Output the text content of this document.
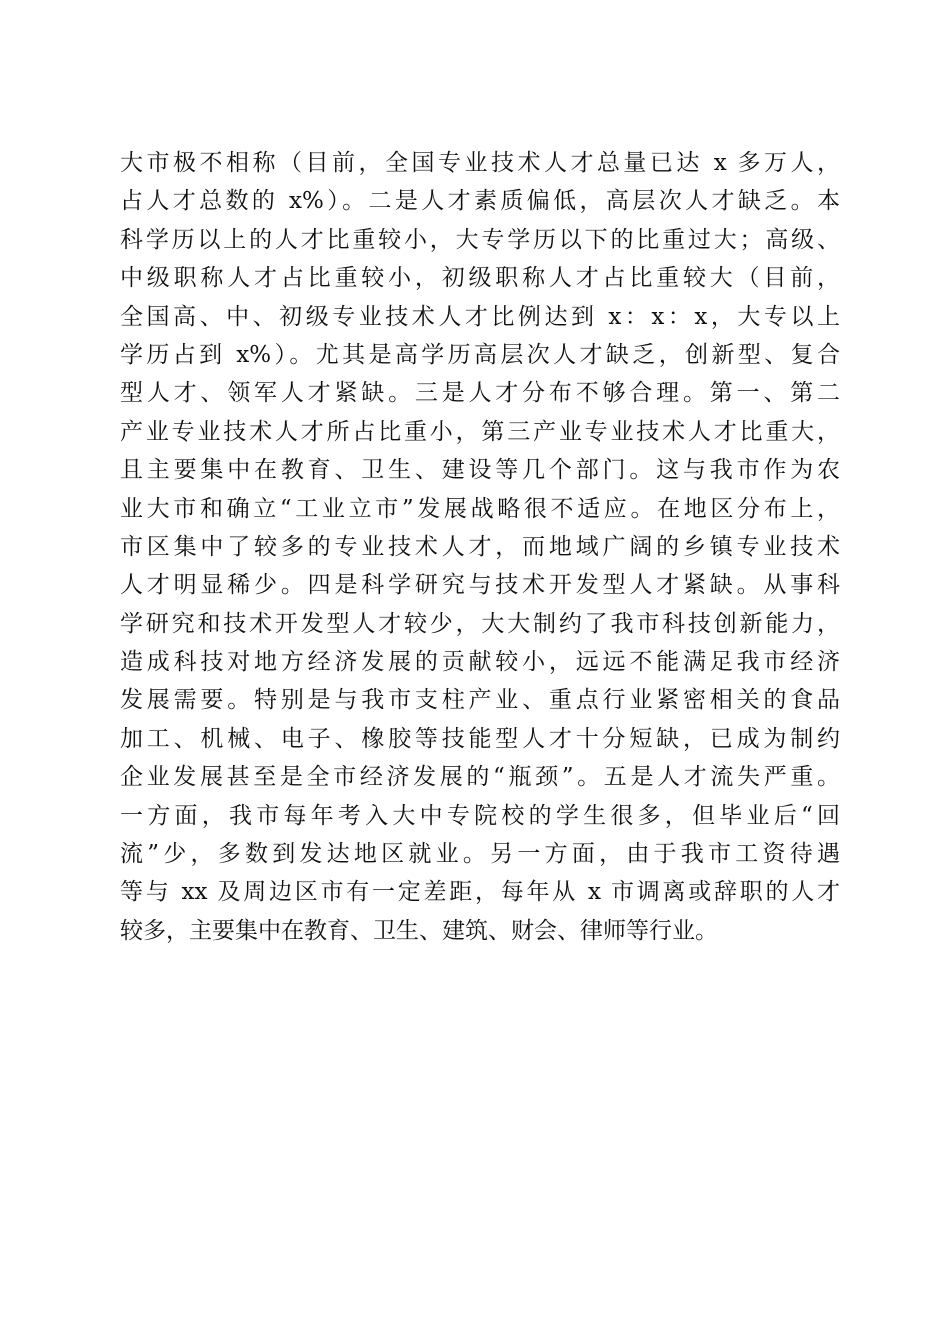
大市极不相称（目前，全国专业技术人才总量已达 x 多万人，
占人才总数的 x%）。二是人才素质偏低，高层次人才缺乏。本
科学历以上的人才比重较小，大专学历以下的比重过大；高级、
中级职称人才占比重较小，初级职称人才占比重较大（目前，
全国高、中、初级专业技术人才比例达到 x：x：x，大专以上
学历占到 x%）。尤其是高学历高层次人才缺乏，创新型、复合
型人才、领军人才紧缺。三是人才分布不够合理。第一、第二
产业专业技术人才所占比重小，第三产业专业技术人才比重大，
且主要集中在教育、卫生、建设等几个部门。这与我市作为农
业大市和确立“工业立市”发展战略很不适应。在地区分布上，
市区集中了较多的专业技术人才，而地域广阔的乡镇专业技术
人才明显稀少。四是科学研究与技术开发型人才紧缺。从事科
学研究和技术开发型人才较少，大大制约了我市科技创新能力，
造成科技对地方经济发展的贡献较小，远远不能满足我市经济
发展需要。特别是与我市支柱产业、重点行业紧密相关的食品
加工、机械、电子、橡胶等技能型人才十分短缺，已成为制约
企业发展甚至是全市经济发展的“瓶颈”。五是人才流失严重。
一方面，我市每年考入大中专院校的学生很多，但毕业后“回
流”少，多数到发达地区就业。另一方面，由于我市工资待遇
等与 xx 及周边区市有一定差距，每年从 x 市调离或辞职的人才
较多，主要集中在教育、卫生、建筑、财会、律师等行业。
